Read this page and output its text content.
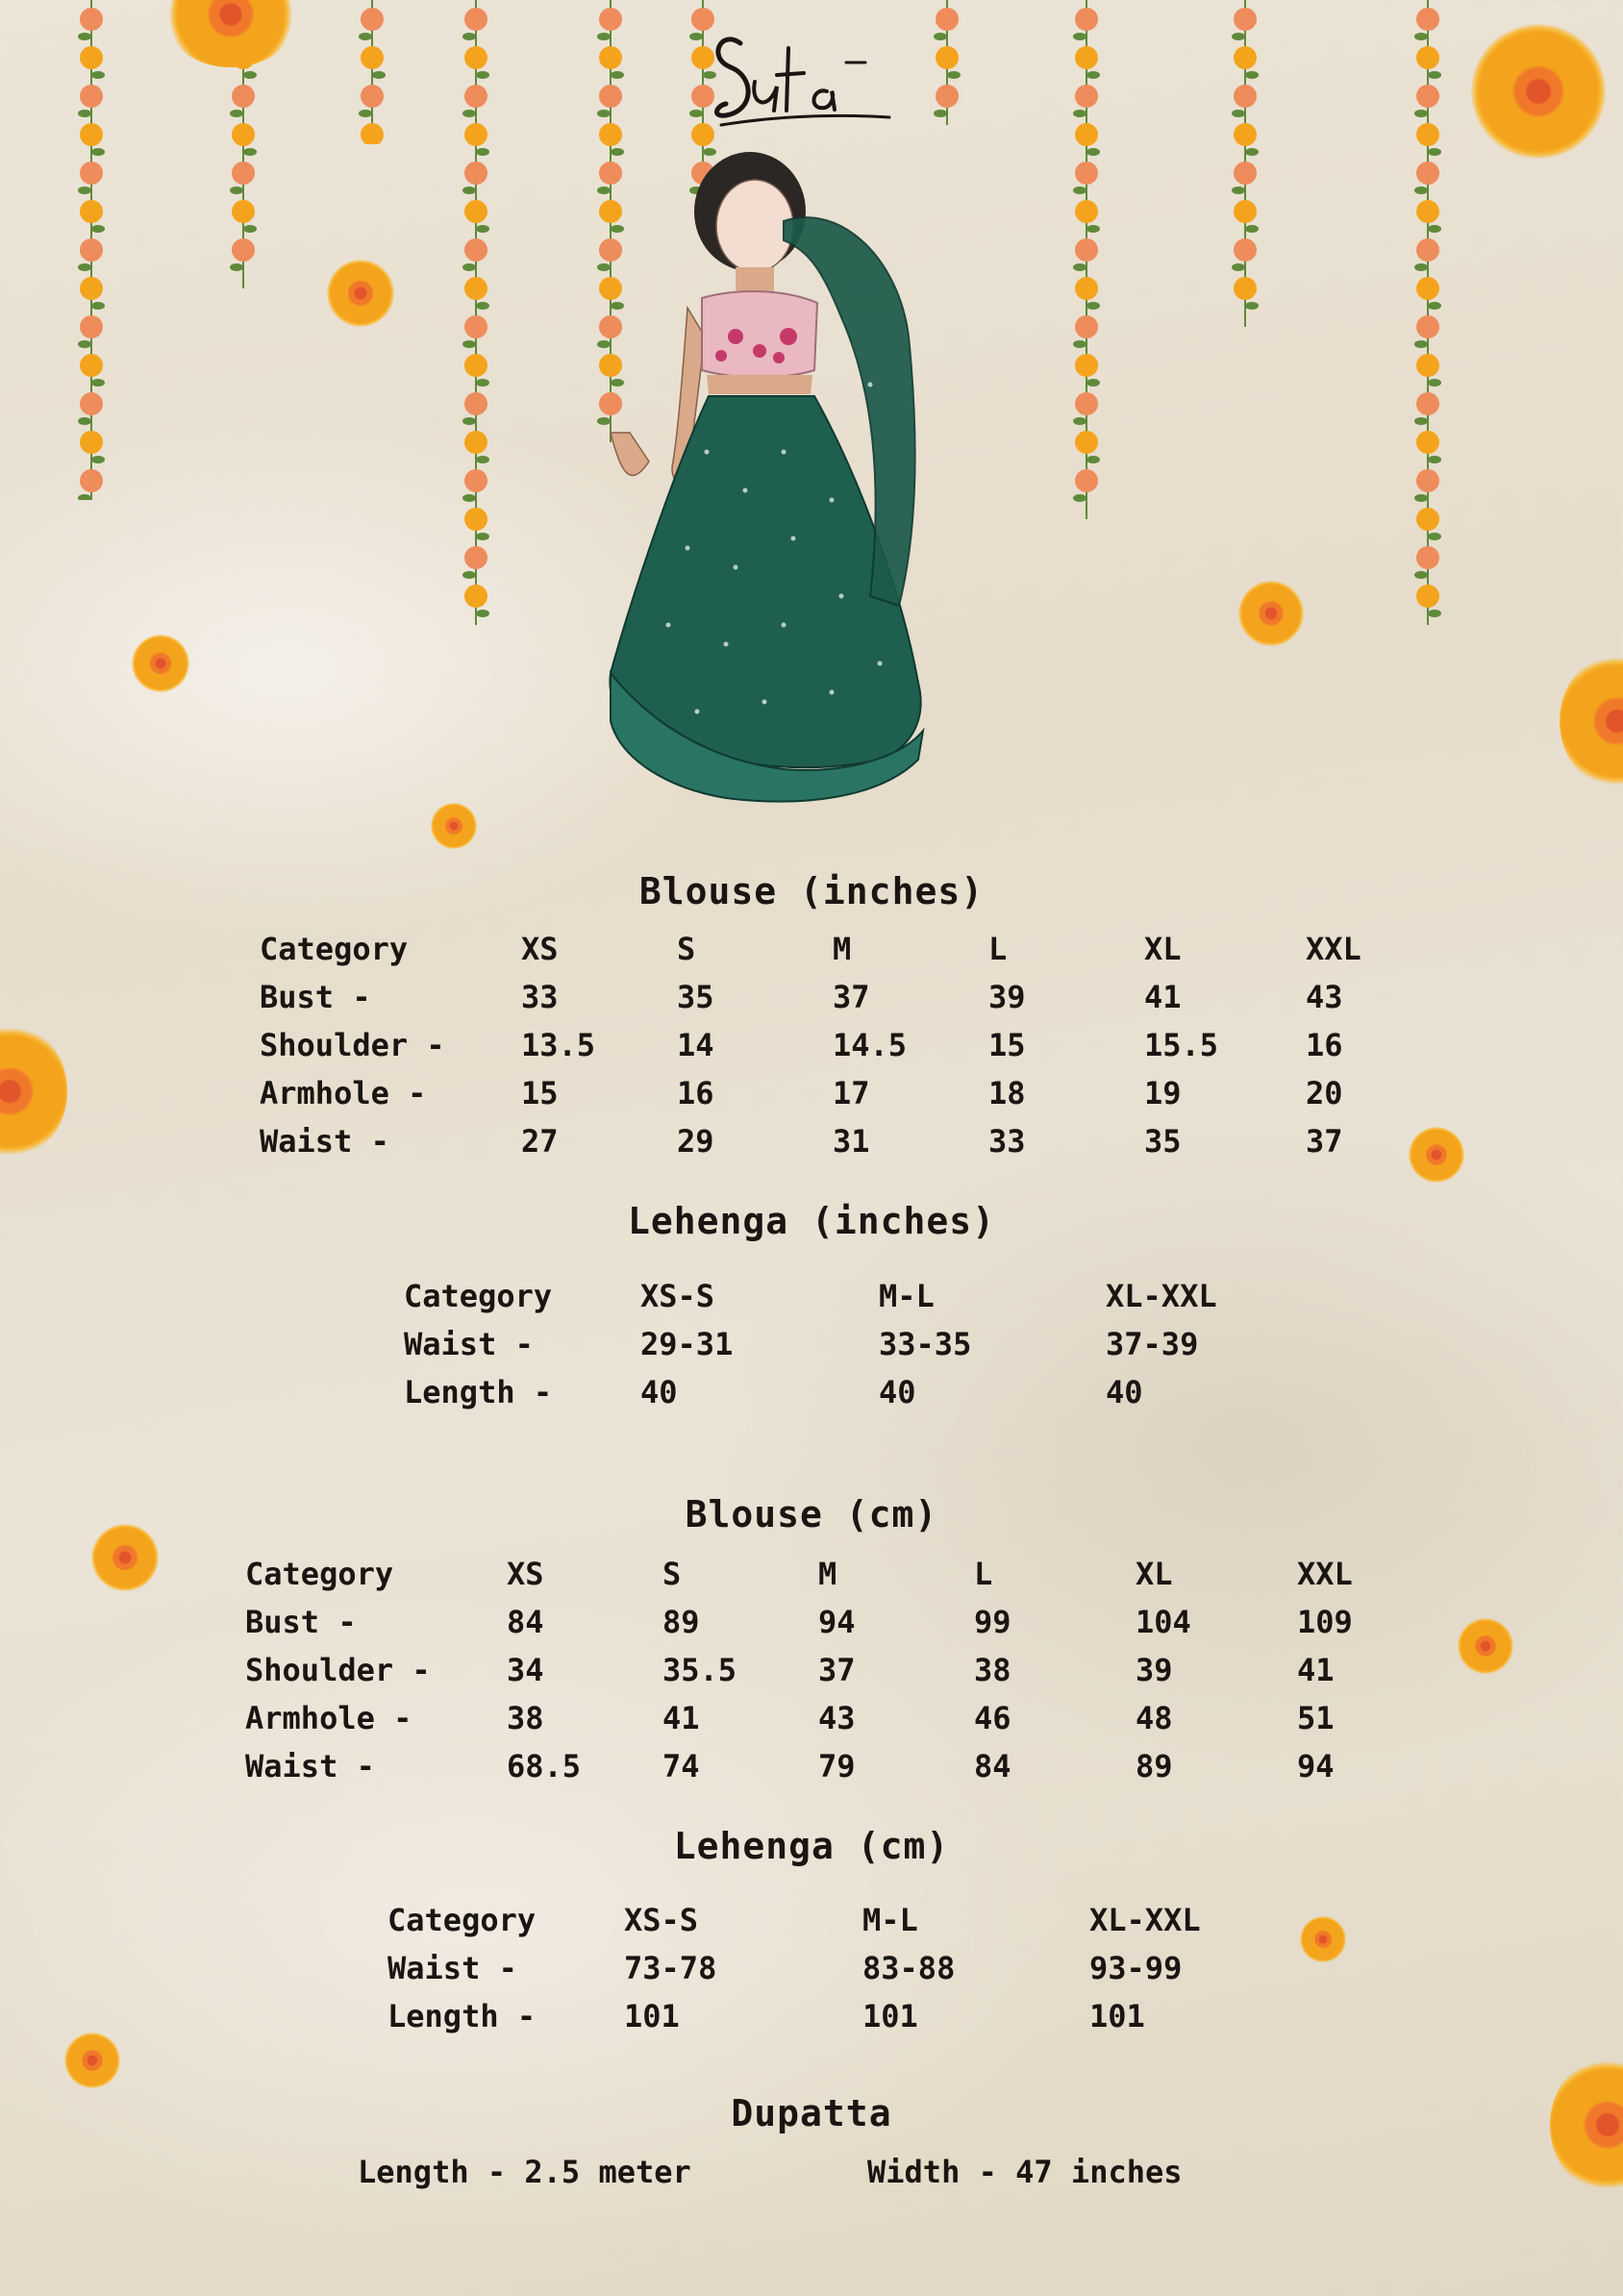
Blouse (inches)
Category	XS	S	M	L	XL	XXL
Bust -	33	35	37	39	41	43
Shoulder -	13.5	14	14.5	15	15.5	16
Armhole -	15	16	17	18	19	20
Waist -	27	29	31	33	35	37
Lehenga (inches)
Category	XS-S	M-L	XL-XXL
Waist -	29-31	33-35	37-39
Length -	40	40	40
Blouse (cm)
Category	XS	S	M	L	XL	XXL
Bust -	84	89	94	99	104	109
Shoulder -	34	35.5	37	38	39	41
Armhole -	38	41	43	46	48	51
Waist -	68.5	74	79	84	89	94
Lehenga (cm)
Category	XS-S	M-L	XL-XXL
Waist -	73-78	83-88	93-99
Length -	101	101	101
Dupatta
Length - 2.5 meter	Width - 47 inches
